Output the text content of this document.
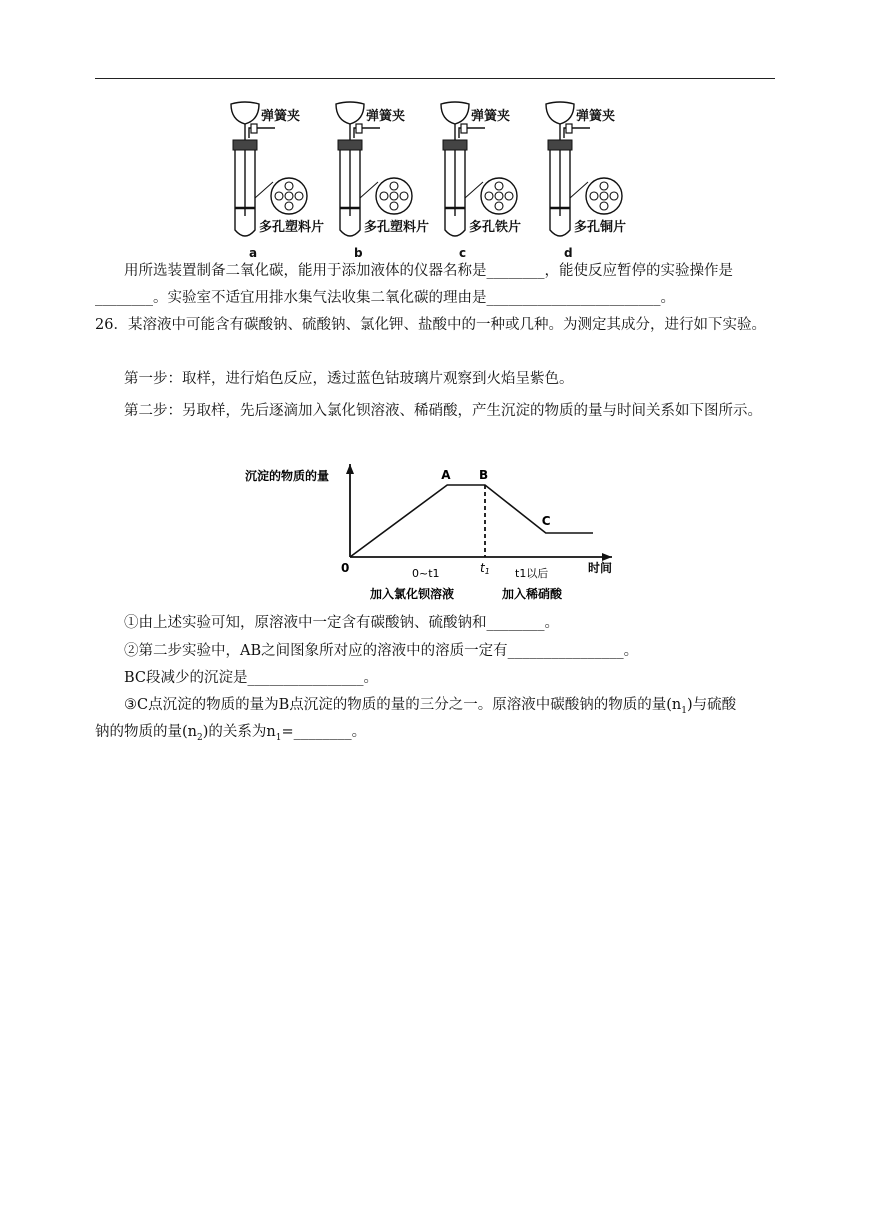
弹簧夹
多孔塑料片
a
弹簧夹
多孔塑料片
b
弹簧夹
多孔铁片
c
弹簧夹
多孔铜片
d

用所选装置制备二氧化碳，能用于添加液体的仪器名称是________，能使反应暂停的实验操作是

________。实验室不适宜用排水集气法收集二氧化碳的理由是________________________。

26．某溶液中可能含有碳酸钠、硫酸钠、氯化钾、盐酸中的一种或几种。为测定其成分，进行如下实验。

第一步：取样，进行焰色反应，透过蓝色钴玻璃片观察到火焰呈紫色。

第二步：另取样，先后逐滴加入氯化钡溶液、稀硝酸，产生沉淀的物质的量与时间关系如下图所示。

沉淀的物质的量
时间
0
A B
C
t1
0~t1	t1以后
加入氯化钡溶液	加入稀硝酸

①由上述实验可知，原溶液中一定含有碳酸钠、硫酸钠和________。

②第二步实验中，AB之间图象所对应的溶液中的溶质一定有________________。

BC段减少的沉淀是________________。

③C点沉淀的物质的量为B点沉淀的物质的量的三分之一。原溶液中碳酸钠的物质的量$(n_1)$与硫酸

钠的物质的量$(n_2)$的关系为$n_1=\_\_\_\_\_\_\_\_$。
